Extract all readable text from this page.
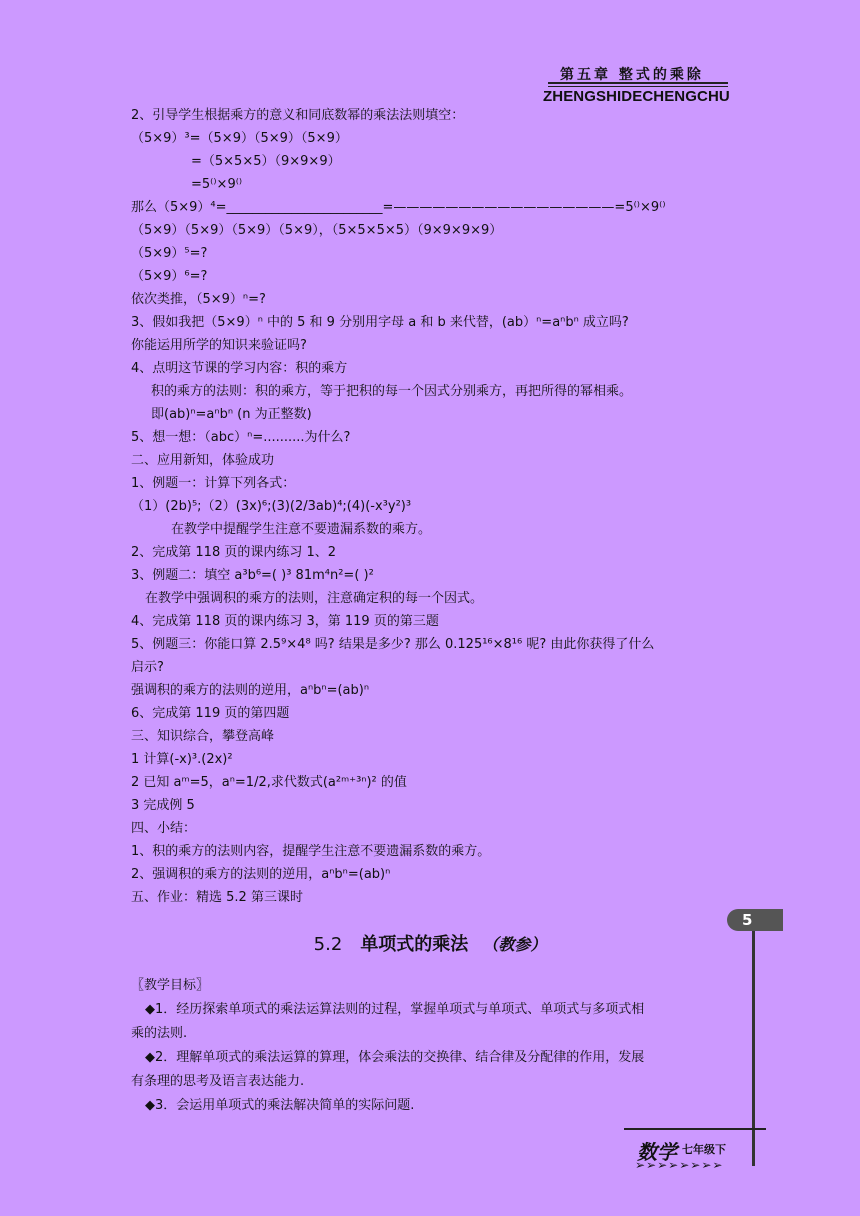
第五章 整式的乘除
ZHENGSHIDECHENGCHU
2、引导学生根据乘方的意义和同底数幂的乘法法则填空：
（5×9）³=（5×9）（5×9）（5×9）
=（5×5×5）（9×9×9）
=5⁽⁾×9⁽⁾
那么（5×9）⁴=________________________=—————————————————=5⁽⁾×9⁽⁾
（5×9）（5×9）（5×9）（5×9），（5×5×5×5）（9×9×9×9）
（5×9）⁵=?
（5×9）⁶=?
依次类推，（5×9）ⁿ=?
3、假如我把（5×9）ⁿ 中的 5 和 9 分别用字母 a 和 b 来代替，(ab）ⁿ=aⁿbⁿ 成立吗?
你能运用所学的知识来验证吗?
4、点明这节课的学习内容：积的乘方
积的乘方的法则：积的乘方，等于把积的每一个因式分别乘方，再把所得的幂相乘。
即(ab)ⁿ=aⁿbⁿ (n 为正整数)
5、想一想：（abc）ⁿ=..........为什么?
二、应用新知，体验成功
1、例题一：计算下列各式：
（1）(2b)⁵;（2）(3x)⁶;(3)(2/3ab)⁴;(4)(-x³y²)³
在教学中提醒学生注意不要遗漏系数的乘方。
2、完成第 118 页的课内练习 1、2
3、例题二：填空 a³b⁶=( )³ 81m⁴n²=( )²
在教学中强调积的乘方的法则，注意确定积的每一个因式。
4、完成第 118 页的课内练习 3，第 119 页的第三题
5、例题三：你能口算 2.5⁹×4⁸ 吗? 结果是多少? 那么 0.125¹⁶×8¹⁶ 呢? 由此你获得了什么
启示?
强调积的乘方的法则的逆用，aⁿbⁿ=(ab)ⁿ
6、完成第 119 页的第四题
三、知识综合，攀登高峰
1 计算(-x)³.(2x)²
2 已知 aᵐ=5，aⁿ=1/2,求代数式(a²ᵐ⁺³ⁿ)² 的值
3 完成例 5
四、小结：
1、积的乘方的法则内容，提醒学生注意不要遗漏系数的乘方。
2、强调积的乘方的法则的逆用，aⁿbⁿ=(ab)ⁿ
五、作业：精选 5.2 第三课时
5.2 单项式的乘法 （教参）
〖教学目标〗
◆1．经历探索单项式的乘法运算法则的过程，掌握单项式与单项式、单项式与多项式相
乘的法则.
◆2．理解单项式的乘法运算的算理，体会乘法的交换律、结合律及分配律的作用，发展
有条理的思考及语言表达能力.
◆3．会运用单项式的乘法解决简单的实际问题.
5
数学 七年级下
➢➢➢➢➢➢➢➢
